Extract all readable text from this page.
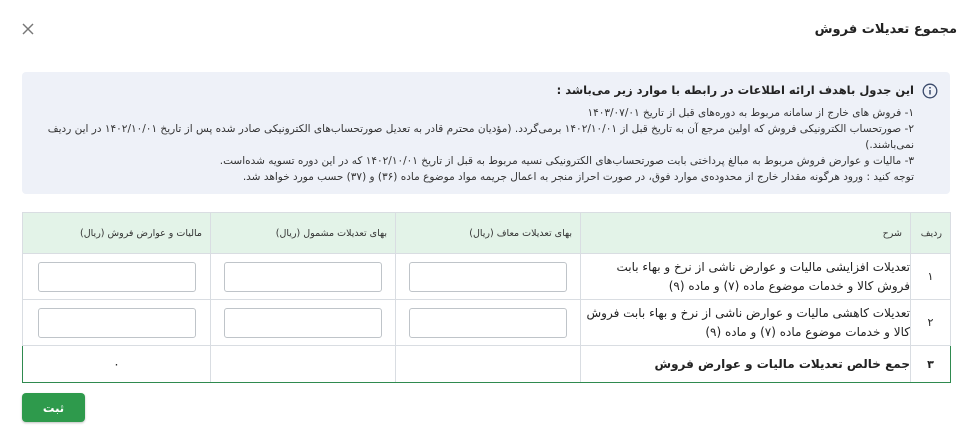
مجموع تعدیلات فروش
این جدول باهدف ارائه اطلاعات در رابطه با موارد زیر می‌باشد :
۱- فروش های خارج از سامانه مربوط به دوره‌های قبل از تاریخ ۱۴۰۳/۰۷/۰۱
۲- صورتحساب الکترونیکی فروش که اولین مرجع آن به تاریخ قبل از ۱۴۰۲/۱۰/۰۱ برمی‌گردد. (مؤدیان محترم قادر به تعدیل صورتحساب‌های الکترونیکی صادر شده پس از تاریخ ۱۴۰۲/۱۰/۰۱ در این ردیف نمی‌باشند.)
۳- مالیات و عوارض فروش مربوط به مبالغ پرداختی بابت صورتحساب‌های الکترونیکی نسیه مربوط به قبل از تاریخ ۱۴۰۲/۱۰/۰۱ که در این دوره تسویه شده‌است.
توجه کنید : ورود هرگونه مقدار خارج از محدوده‌ی موارد فوق، در صورت احراز منجر به اعمال جریمه مواد موضوع ماده (۳۶) و (۳۷) حسب مورد خواهد شد.
ردیف	شرح	بهای تعدیلات معاف (ریال)	بهای تعدیلات مشمول (ریال)	مالیات و عوارض فروش (ریال)
۱	تعدیلات افزایشی مالیات و عوارض ناشی از نرخ و بهاء بابت فروش کالا و خدمات موضوع ماده (۷) و ماده (۹)	

۲	تعدیلات کاهشی مالیات و عوارض ناشی از نرخ و بهاء بابت فروش کالا و خدمات موضوع ماده (۷) و ماده (۹)	

۳	جمع خالص تعدیلات مالیات و عوارض فروش			۰
ثبت
